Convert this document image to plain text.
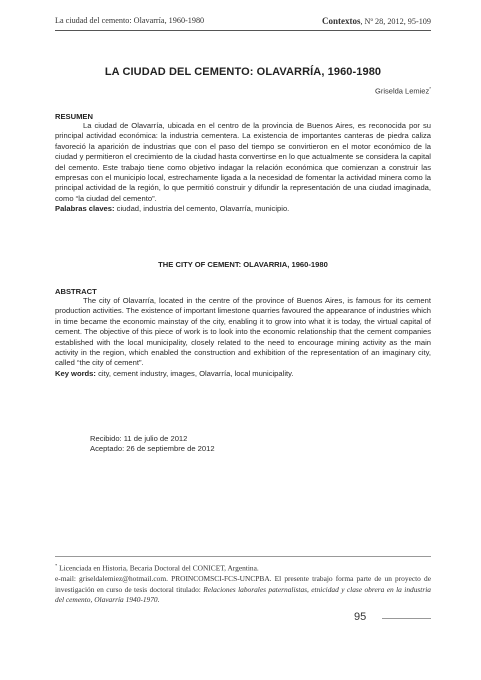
La ciudad del cemento: Olavarría, 1960-1980	Contextos, Nº 28, 2012, 95-109
LA CIUDAD DEL CEMENTO: OLAVARRÍA, 1960-1980
Griselda Lemiez*
RESUMEN

La ciudad de Olavarría, ubicada en el centro de la provincia de Buenos Aires, es reconocida por su principal actividad económica: la industria cementera. La existencia de importantes canteras de piedra caliza favoreció la aparición de industrias que con el paso del tiempo se convirtieron en el motor económico de la ciudad y permitieron el crecimiento de la ciudad hasta convertirse en lo que actualmente se considera la capital del cemento. Este trabajo tiene como objetivo indagar la relación económica que comienzan a construir las empresas con el municipio local, estrechamente ligada a la necesidad de fomentar la actividad minera como la principal actividad de la región, lo que permitió construir y difundir la representación de una ciudad imaginada, como “la ciudad del cemento”.

Palabras claves: ciudad, industria del cemento, Olavarría, municipio.

THE CITY OF CEMENT: OLAVARRIA, 1960-1980
ABSTRACT

The city of Olavarría, located in the centre of the province of Buenos Aires, is famous for its cement production activities. The existence of important limestone quarries favoured the appearance of industries which in time became the economic mainstay of the city, enabling it to grow into what it is today, the virtual capital of cement. The objective of this piece of work is to look into the economic relationship that the cement companies established with the local municipality, closely related to the need to encourage mining activity as the main activity in the region, which enabled the construction and exhibition of the representation of an imaginary city, called “the city of cement”.

Key words: city, cement industry, images, Olavarría, local municipality.

Recibido: 11 de julio de 2012
Aceptado: 26 de septiembre de 2012

* Licenciada en Historia, Becaria Doctoral del CONICET, Argentina.

e-mail: griseldalemiez@hotmail.com. PROINCOMSCI-FCS-UNCPBA. El presente trabajo forma parte de un proyecto de investigación en curso de tesis doctoral titulado: Relaciones laborales paternalistas, etnicidad y clase obrera en la industria del cemento, Olavarría 1940-1970.

95
